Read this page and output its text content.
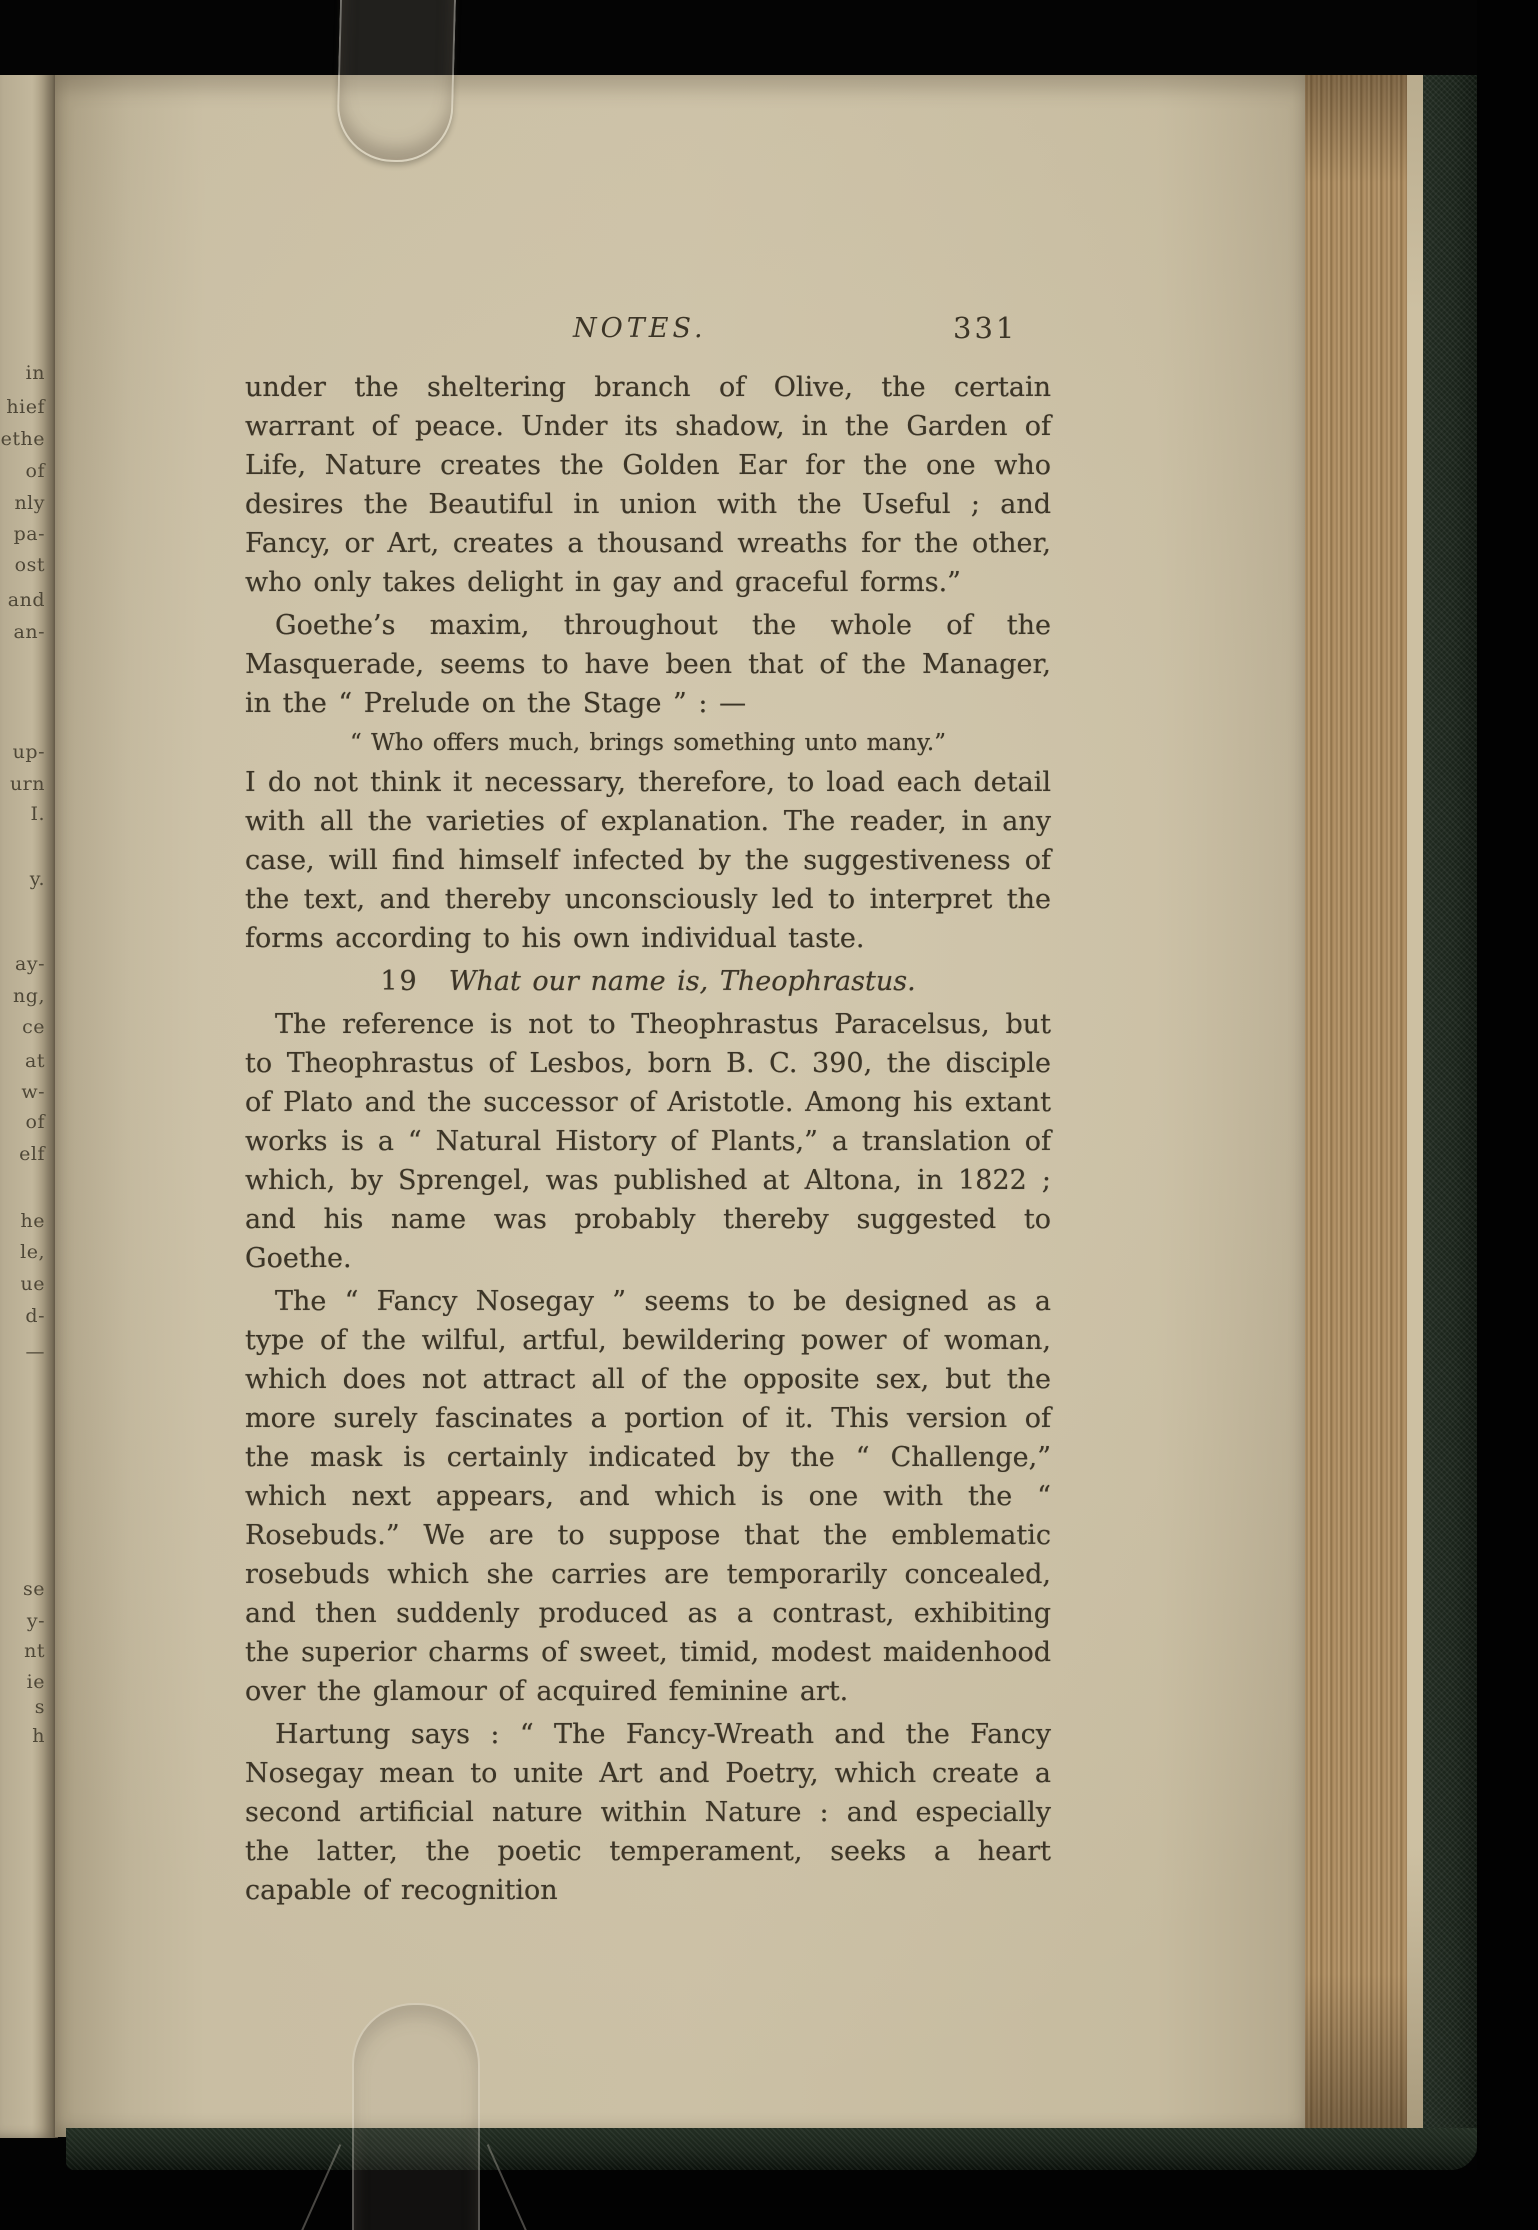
in
hief
ethe
of
nly
pa-
ost
and
an-
up-
urn
I.
y.
ay-
ng,
ce
at
w-
of
elf
he
le,
ue
d-
—
se
y-
nt
ie
s
h
NOTES.	331

under the sheltering branch of Olive, the certain warrant of peace. Under its shadow, in the Garden of Life, Nature creates the Golden Ear for the one who desires the Beautiful in union with the Useful ; and Fancy, or Art, creates a thousand wreaths for the other, who only takes delight in gay and graceful forms.”

Goethe’s maxim, throughout the whole of the Masquerade, seems to have been that of the Manager, in the “ Prelude on the Stage ” : —

“ Who offers much, brings something unto many.”

I do not think it necessary, therefore, to load each detail with all the varieties of explanation. The reader, in any case, will find himself infected by the suggestiveness of the text, and thereby unconsciously led to interpret the forms according to his own individual taste.

19 What our name is, Theophrastus.

The reference is not to Theophrastus Paracelsus, but to Theophrastus of Lesbos, born B. C. 390, the disciple of Plato and the successor of Aristotle. Among his extant works is a “ Natural History of Plants,” a translation of which, by Sprengel, was published at Altona, in 1822 ; and his name was probably thereby suggested to Goethe.

The “ Fancy Nosegay ” seems to be designed as a type of the wilful, artful, bewildering power of woman, which does not attract all of the opposite sex, but the more surely fascinates a portion of it. This version of the mask is certainly indicated by the “ Challenge,” which next appears, and which is one with the “ Rosebuds.” We are to suppose that the emblematic rosebuds which she carries are temporarily concealed, and then suddenly produced as a contrast, exhibiting the superior charms of sweet, timid, modest maidenhood over the glamour of acquired feminine art.

Hartung says : “ The Fancy-Wreath and the Fancy Nosegay mean to unite Art and Poetry, which create a second artificial nature within Nature : and especially the latter, the poetic temperament, seeks a heart capable of recognition
